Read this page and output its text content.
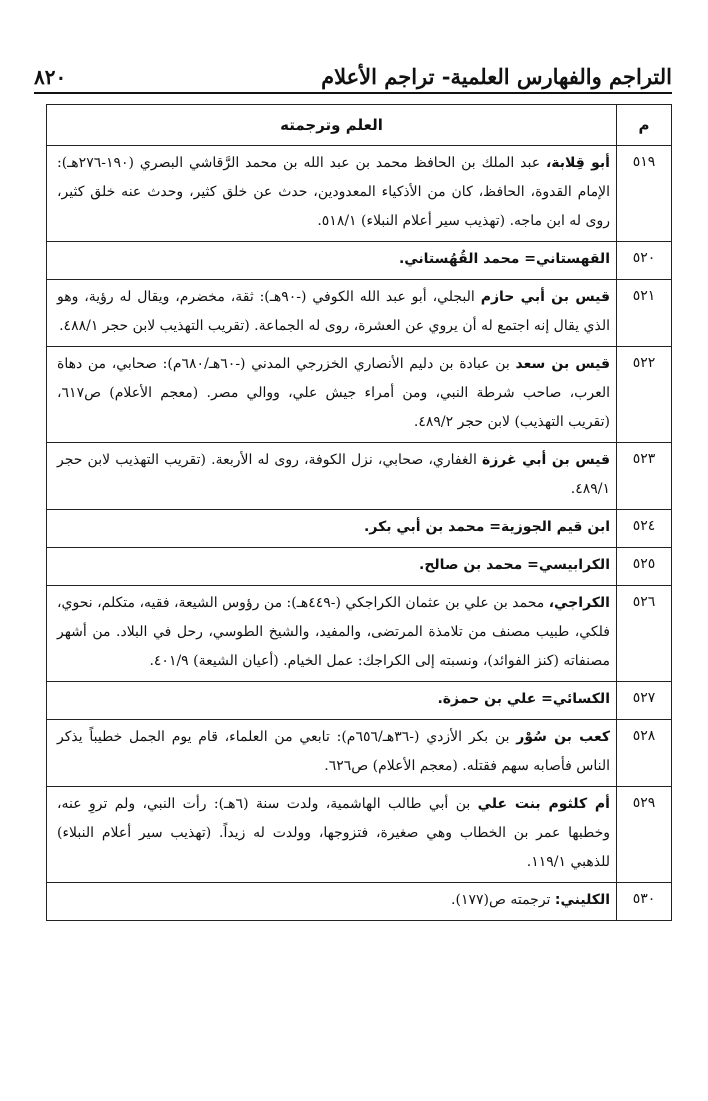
التراجم والفهارس العلمية- تراجم الأعلام
٨٢٠
م	العلم وترجمته
٥١٩	أبو قِلابة، عبد الملك بن الحافظ محمد بن عبد الله بن محمد الرَّقاشي البصري (١٩٠-٢٧٦هـ): الإمام القدوة، الحافظ، كان من الأذكياء المعدودين، حدث عن خلق كثير، وحدث عنه خلق كثير، روى له ابن ماجه. (تهذيب سير أعلام النبلاء) ٥١٨/١.
٥٢٠	القهستاني= محمد القُهُستاني.
٥٢١	قيس بن أبي حازم البجلي، أبو عبد الله الكوفي (-٩٠هـ): ثقة، مخضرم، ويقال له رؤية، وهو الذي يقال إنه اجتمع له أن يروي عن العشرة، روى له الجماعة. (تقريب التهذيب لابن حجر ٤٨٨/١.
٥٢٢	قيس بن سعد بن عبادة بن دليم الأنصاري الخزرجي المدني (-٦٠هـ/٦٨٠م): صحابي، من دهاة العرب، صاحب شرطة النبي، ومن أمراء جيش علي، ووالي مصر. (معجم الأعلام) ص٦١٧، (تقريب التهذيب) لابن حجر ٤٨٩/٢.
٥٢٣	قيس بن أبي غرزة الغفاري، صحابي، نزل الكوفة، روى له الأربعة. (تقريب التهذيب لابن حجر ٤٨٩/١.
٥٢٤	ابن قيم الجوزية= محمد بن أبي بكر.
٥٢٥	الكرابيسي= محمد بن صالح.
٥٢٦	الكراجي، محمد بن علي بن عثمان الكراجكي (-٤٤٩هـ): من رؤوس الشيعة، فقيه، متكلم، نحوي، فلكي، طبيب مصنف من تلامذة المرتضى، والمفيد، والشيخ الطوسي، رحل في البلاد. من أشهر مصنفاته (كنز الفوائد)، ونسبته إلى الكراجك: عمل الخيام. (أعيان الشيعة) ٤٠١/٩.
٥٢٧	الكسائي= علي بن حمزة.
٥٢٨	كعب بن سُوْر بن بكر الأزدي (-٣٦هـ/٦٥٦م): تابعي من العلماء، قام يوم الجمل خطيباً يذكر الناس فأصابه سهم فقتله. (معجم الأعلام) ص٦٢٦.
٥٢٩	أم كلثوم بنت علي بن أبي طالب الهاشمية، ولدت سنة (٦هـ): رأت النبي، ولم تروِ عنه، وخطبها عمر بن الخطاب وهي صغيرة، فتزوجها، وولدت له زيداً. (تهذيب سير أعلام النبلاء) للذهبي ١١٩/١.
٥٣٠	الكليني: ترجمته ص(١٧٧).
